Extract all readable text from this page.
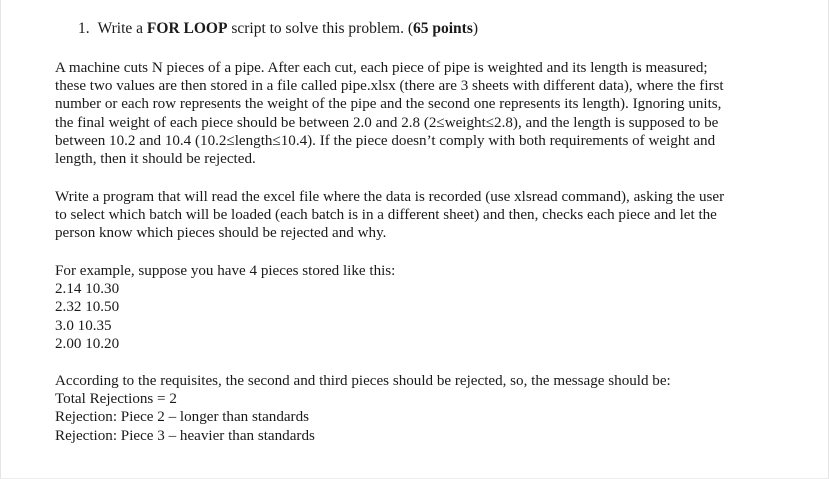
1. Write a FOR LOOP script to solve this problem. (65 points)
A machine cuts N pieces of a pipe. After each cut, each piece of pipe is weighted and its length is measured;
these two values are then stored in a file called pipe.xlsx (there are 3 sheets with different data), where the first
number or each row represents the weight of the pipe and the second one represents its length). Ignoring units,
the final weight of each piece should be between 2.0 and 2.8 (2≤weight≤2.8), and the length is supposed to be
between 10.2 and 10.4 (10.2≤length≤10.4). If the piece doesn’t comply with both requirements of weight and
length, then it should be rejected.
Write a program that will read the excel file where the data is recorded (use xlsread command), asking the user
to select which batch will be loaded (each batch is in a different sheet) and then, checks each piece and let the
person know which pieces should be rejected and why.
For example, suppose you have 4 pieces stored like this:
2.14 10.30
2.32 10.50
3.0 10.35
2.00 10.20
According to the requisites, the second and third pieces should be rejected, so, the message should be:
Total Rejections = 2
Rejection: Piece 2 – longer than standards
Rejection: Piece 3 – heavier than standards
